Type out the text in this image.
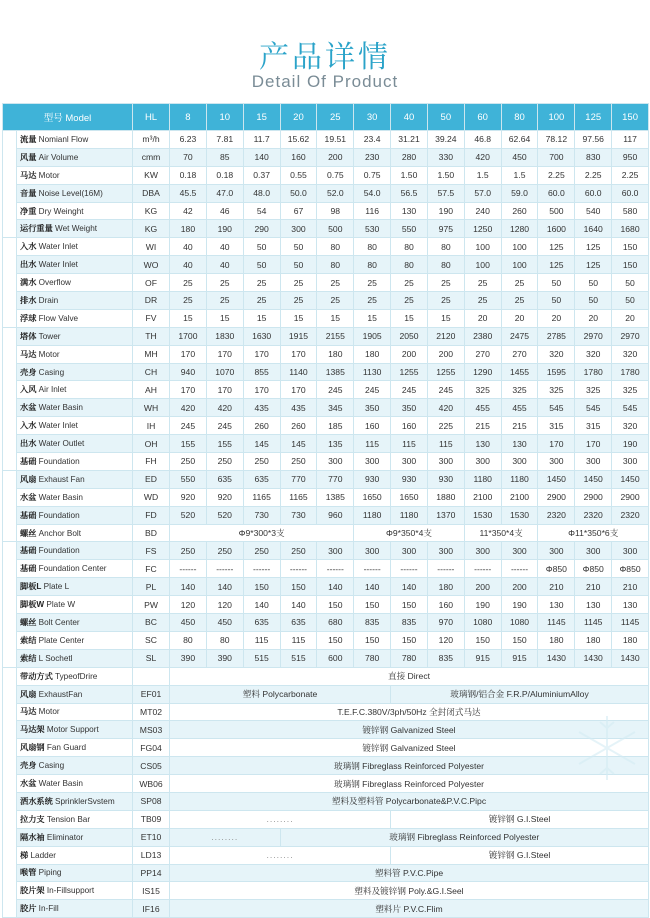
产品详情
Detail Of Product
型号 Model		HL	8	10	15	20	25	30	40	50	60	80	100	125	150
	流量 Nomianl Flow	m³/h	6.23	7.81	11.7	15.62	19.51	23.4	31.21	39.24	46.8	62.64	78.12	97.56	117
	风量 Air Volume	cmm	70	85	140	160	200	230	280	330	420	450	700	830	950
	马达 Motor	KW	0.18	0.18	0.37	0.55	0.75	0.75	1.50	1.50	1.5	1.5	2.25	2.25	2.25
	音量 Noise Level(16M)	DBA	45.5	47.0	48.0	50.0	52.0	54.0	56.5	57.5	57.0	59.0	60.0	60.0	60.0
	净重 Dry Weinght	KG	42	46	54	67	98	116	130	190	240	260	500	540	580
	运行重量 Wet Weight	KG	180	190	290	300	500	530	550	975	1250	1280	1600	1640	1680
	入水 Water Inlet	WI	40	40	50	50	80	80	80	80	100	100	125	125	150
	出水 Water Inlet	WO	40	40	50	50	80	80	80	80	100	100	125	125	150
	满水 Overflow	OF	25	25	25	25	25	25	25	25	25	25	50	50	50
	排水 Drain	DR	25	25	25	25	25	25	25	25	25	25	50	50	50
	浮球 Flow Valve	FV	15	15	15	15	15	15	15	15	20	20	20	20	20
	塔体 Tower	TH	1700	1830	1630	1915	2155	1905	2050	2120	2380	2475	2785	2970	2970
	马达 Motor	MH	170	170	170	170	180	180	200	200	270	270	320	320	320
	壳身 Casing	CH	940	1070	855	1140	1385	1130	1255	1255	1290	1455	1595	1780	1780
	入风 Air Inlet	AH	170	170	170	170	245	245	245	245	325	325	325	325	325
	水盆 Water Basin	WH	420	420	435	435	345	350	350	420	455	455	545	545	545
	入水 Water Inlet	IH	245	245	260	260	185	160	160	225	215	215	315	315	320
	出水 Water Outlet	OH	155	155	145	145	135	115	115	115	130	130	170	170	190
	基础 Foundation	FH	250	250	250	250	300	300	300	300	300	300	300	300	300
直径 Dia	风扇 Exhaust Fan	ED	550	635	635	770	770	930	930	930	1180	1180	1450	1450	1450
	水盆 Water Basin	WD	920	920	1165	1165	1385	1650	1650	1880	2100	2100	2900	2900	2900
	基础 Foundation	FD	520	520	730	730	960	1180	1180	1370	1530	1530	2320	2320	2320
	螺丝 Anchor Bolt	BD	Φ9*300*3支					Φ9*350*4支			11*350*4支		Φ11*350*6支		
	基础 Foundation	FS	250	250	250	250	300	300	300	300	300	300	300	300	300
	基础 Foundation Center	FC	------	------	------	------	------	------	------	------	------	------	Φ850	Φ850	Φ850
	脚板L Plate L	PL	140	140	150	150	140	140	140	180	200	200	210	210	210
	脚板W Plate W	PW	120	120	140	140	150	150	150	160	190	190	130	130	130
	螺丝 Bolt Center	BC	450	450	635	635	680	835	835	970	1080	1080	1145	1145	1145
	索结 Plate Center	SC	80	80	115	115	150	150	150	120	150	150	180	180	180
	索结 L Sochetl	SL	390	390	515	515	600	780	780	835	915	915	1430	1430	1430
	带动方式 TypeofDrire		直接 Direct												
	风扇 ExhaustFan	EF01	塑料 Polycarbonate						玻璃钢/铝合金 F.R.P/AluminiumAlloy						
	马达 Motor	MT02	T.E.F.C.380V/3ph/50Hz 全封闭式马达												
	马达架 Motor Support	MS03	镀锌钢 Galvanized Steel												
	风扇钢 Fan Guard	FG04	镀锌钢 Galvanized Steel												
	壳身 Casing	CS05	玻璃钢 Fibreglass Reinforced Polyester												
	水盆 Water Basin	WB06	玻璃钢 Fibreglass Reinforced Polyester												
	洒水系统 SprinklerSvstem	SP08	塑料及塑料管 Polycarbonate&P.V.C.Pipc												
	拉力支 Tension Bar	TB09	........						镀锌钢 G.I.Steel						
	隔水袖 Eliminator	ET10	........			玻璃钢 Fibreglass Reinforced Polyester									
	梯 Ladder	LD13	........						镀锌钢 G.I.Steel						
	喉管 Piping	PP14	塑料管 P.V.C.Pipe												
	胶片架 In-Fillsupport	IS15	塑料及镀锌钢 Poly.&G.I.Seel												
	胶片 In-Fill	IF16	塑料片 P.V.C.Flim												
